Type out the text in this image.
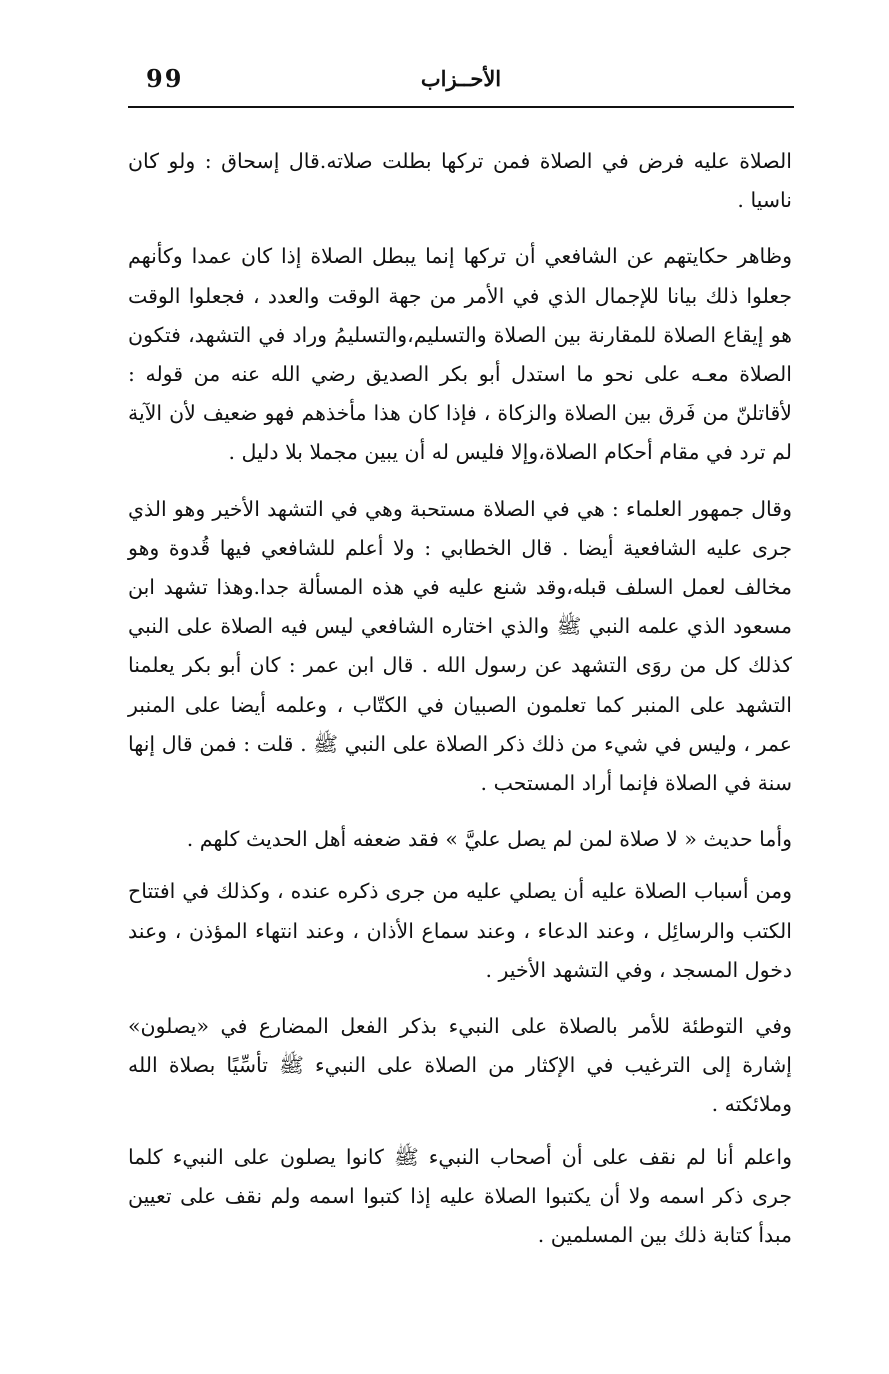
99	الأحــزاب

الصلاة عليه فرض في الصلاة فمن تركها بطلت صلاته.قال إسحاق : ولو كان ناسيا .

وظاهر حكايتهم عن الشافعي أن تركها إنما يبطل الصلاة إذا كان عمدا وكأنهم جعلوا ذلك بيانا للإجمال الذي في الأمر من جهة الوقت والعدد ، فجعلوا الوقت هو إيقاع الصلاة للمقارنة بين الصلاة والتسليم،والتسليمُ وراد في التشهد، فتكون الصلاة معـه على نحو ما استدل أبو بكر الصديق رضي الله عنه من قوله : لأقاتلنّ من فَرق بين الصلاة والزكاة ، فإذا كان هذا مأخذهم فهو ضعيف لأن الآية لم ترد في مقام أحكام الصلاة،وإلا فليس له أن يبين مجملا بلا دليل .

وقال جمهور العلماء : هي في الصلاة مستحبة وهي في التشهد الأخير وهو الذي جرى عليه الشافعية أيضا . قال الخطابي : ولا أعلم للشافعي فيها قُدوة وهو مخالف لعمل السلف قبله،وقد شنع عليه في هذه المسألة جدا.وهذا تشهد ابن مسعود الذي علمه النبي ﷺ والذي اختاره الشافعي ليس فيه الصلاة على النبي كذلك كل من روَى التشهد عن رسول الله . قال ابن عمر : كان أبو بكر يعلمنا التشهد على المنبر كما تعلمون الصبيان في الكتّاب ، وعلمه أيضا على المنبر عمر ، وليس في شيء من ذلك ذكر الصلاة على النبي ﷺ . قلت : فمن قال إنها سنة في الصلاة فإنما أراد المستحب .

وأما حديث « لا صلاة لمن لم يصل عليَّ » فقد ضعفه أهل الحديث كلهم .

ومن أسباب الصلاة عليه أن يصلي عليه من جرى ذكره عنده ، وكذلك في افتتاح الكتب والرسائِل ، وعند الدعاء ، وعند سماع الأذان ، وعند انتهاء المؤذن ، وعند دخول المسجد ، وفي التشهد الأخير .

وفي التوطئة للأمر بالصلاة على النبيء بذكر الفعل المضارع في «يصلون» إشارة إلى الترغيب في الإكثار من الصلاة على النبيء ﷺ تأسِّيًا بصلاة الله وملائكته .

واعلم أنا لم نقف على أن أصحاب النبيء ﷺ كانوا يصلون على النبيء كلما جرى ذكر اسمه ولا أن يكتبوا الصلاة عليه إذا كتبوا اسمه ولم نقف على تعيين مبدأ كتابة ذلك بين المسلمين .
